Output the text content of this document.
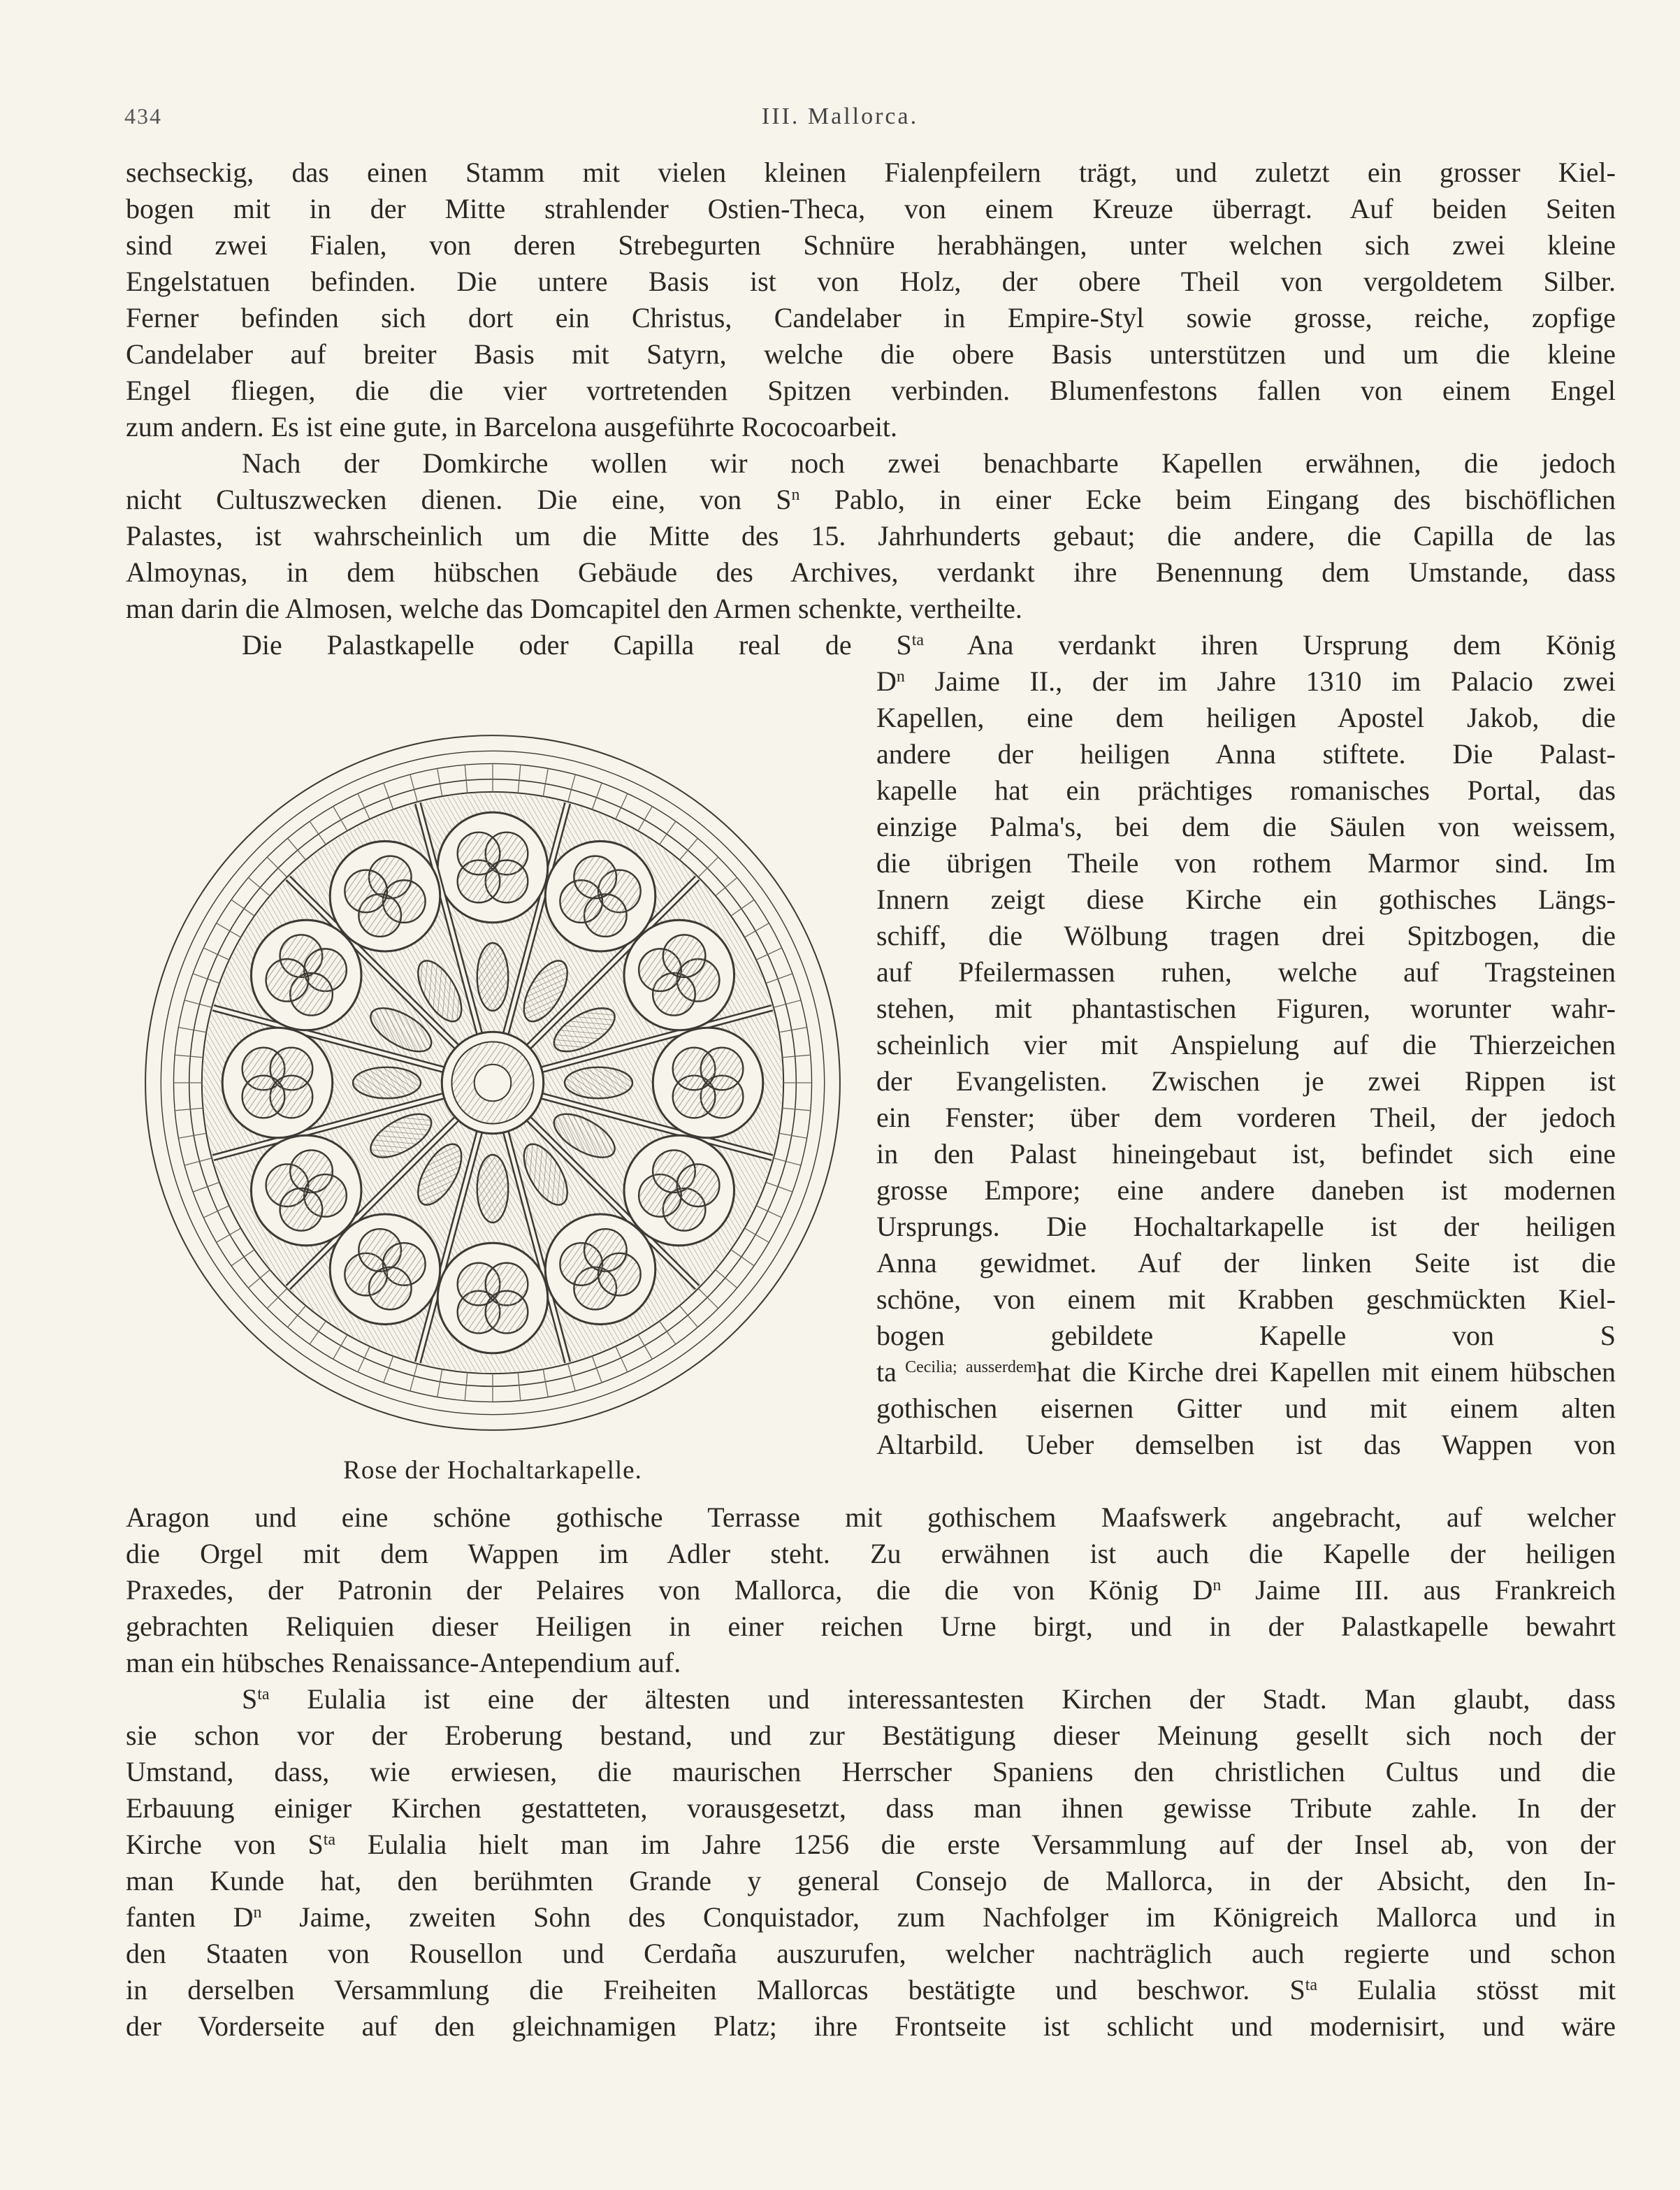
434	III. Mallorca.
sechseckig, das einen Stamm mit vielen kleinen Fialenpfeilern trägt, und zuletzt ein grosser Kiel-
bogen mit in der Mitte strahlender Ostien-Theca, von einem Kreuze überragt. Auf beiden Seiten
sind zwei Fialen, von deren Strebegurten Schnüre herabhängen, unter welchen sich zwei kleine
Engelstatuen befinden. Die untere Basis ist von Holz, der obere Theil von vergoldetem Silber.
Ferner befinden sich dort ein Christus, Candelaber in Empire-Styl sowie grosse, reiche, zopfige
Candelaber auf breiter Basis mit Satyrn, welche die obere Basis unterstützen und um die kleine
Engel fliegen, die die vier vortretenden Spitzen verbinden. Blumenfestons fallen von einem Engel
zum andern. Es ist eine gute, in Barcelona ausgeführte Rococoarbeit.
Nach der Domkirche wollen wir noch zwei benachbarte Kapellen erwähnen, die jedoch
nicht Cultuszwecken dienen. Die eine, von $S^n$ Pablo, in einer Ecke beim Eingang des bischöflichen
Palastes, ist wahrscheinlich um die Mitte des 15. Jahrhunderts gebaut; die andere, die Capilla de las
Almoynas, in dem hübschen Gebäude des Archives, verdankt ihre Benennung dem Umstande, dass
man darin die Almosen, welche das Domcapitel den Armen schenkte, vertheilte.
Die Palastkapelle oder Capilla real de $S^{ta}$ Ana verdankt ihren Ursprung dem König
Rose der Hochaltarkapelle.
$D^n$ Jaime II., der im Jahre 1310 im Palacio zwei
Kapellen, eine dem heiligen Apostel Jakob, die
andere der heiligen Anna stiftete. Die Palast-
kapelle hat ein prächtiges romanisches Portal, das
einzige Palma's, bei dem die Säulen von weissem,
die übrigen Theile von rothem Marmor sind. Im
Innern zeigt diese Kirche ein gothisches Längs-
schiff, die Wölbung tragen drei Spitzbogen, die
auf Pfeilermassen ruhen, welche auf Tragsteinen
stehen, mit phantastischen Figuren, worunter wahr-
scheinlich vier mit Anspielung auf die Thierzeichen
der Evangelisten. Zwischen je zwei Rippen ist
ein Fenster; über dem vorderen Theil, der jedoch
in den Palast hineingebaut ist, befindet sich eine
grosse Empore; eine andere daneben ist modernen
Ursprungs. Die Hochaltarkapelle ist der heiligen
Anna gewidmet. Auf der linken Seite ist die
schöne, von einem mit Krabben geschmückten Kiel-
bogen gebildete Kapelle von S
ta $^{Cecilia; ausserdem}$hat die Kirche drei Kapellen mit einem hübschen
gothischen eisernen Gitter und mit einem alten
Altarbild. Ueber demselben ist das Wappen von
Aragon und eine schöne gothische Terrasse mit gothischem Maafswerk angebracht, auf welcher
die Orgel mit dem Wappen im Adler steht. Zu erwähnen ist auch die Kapelle der heiligen
Praxedes, der Patronin der Pelaires von Mallorca, die die von König $D^n$ Jaime III. aus Frankreich
gebrachten Reliquien dieser Heiligen in einer reichen Urne birgt, und in der Palastkapelle bewahrt
man ein hübsches Renaissance-Antependium auf.
$S^{ta}$ Eulalia ist eine der ältesten und interessantesten Kirchen der Stadt. Man glaubt, dass
sie schon vor der Eroberung bestand, und zur Bestätigung dieser Meinung gesellt sich noch der
Umstand, dass, wie erwiesen, die maurischen Herrscher Spaniens den christlichen Cultus und die
Erbauung einiger Kirchen gestatteten, vorausgesetzt, dass man ihnen gewisse Tribute zahle. In der
Kirche von $S^{ta}$ Eulalia hielt man im Jahre 1256 die erste Versammlung auf der Insel ab, von der
man Kunde hat, den berühmten Grande y general Consejo de Mallorca, in der Absicht, den In-
fanten $D^n$ Jaime, zweiten Sohn des Conquistador, zum Nachfolger im Königreich Mallorca und in
den Staaten von Rousellon und Cerdaña auszurufen, welcher nachträglich auch regierte und schon
in derselben Versammlung die Freiheiten Mallorcas bestätigte und beschwor. $S^{ta}$ Eulalia stösst mit
der Vorderseite auf den gleichnamigen Platz; ihre Frontseite ist schlicht und modernisirt, und wäre
